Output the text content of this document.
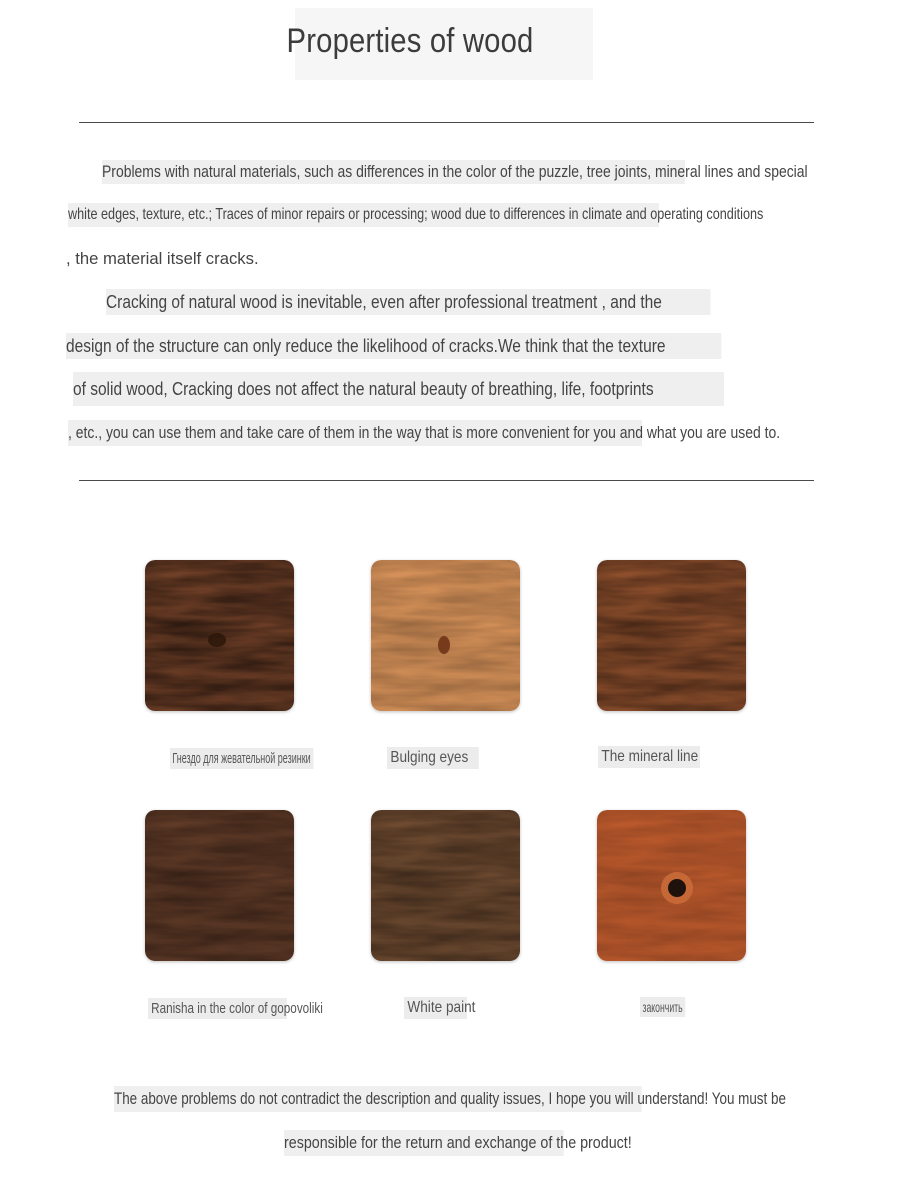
Properties of wood
Problems with natural materials, such as differences in the color of the puzzle, tree joints, mineral lines and special
white edges, texture, etc.; Traces of minor repairs or processing; wood due to differences in climate and operating conditions
, the material itself cracks.
Cracking of natural wood is inevitable, even after professional treatment , and the
design of the structure can only reduce the likelihood of cracks.We think that the texture
of solid wood, Cracking does not affect the natural beauty of breathing, life, footprints
, etc., you can use them and take care of them in the way that is more convenient for you and what you are used to.
Гнездо для жевательной резинки	Bulging eyes	The mineral line
Ranisha in the color of gopovoliki	White paint	закончить
The above problems do not contradict the description and quality issues, I hope you will understand! You must be
responsible for the return and exchange of the product!
